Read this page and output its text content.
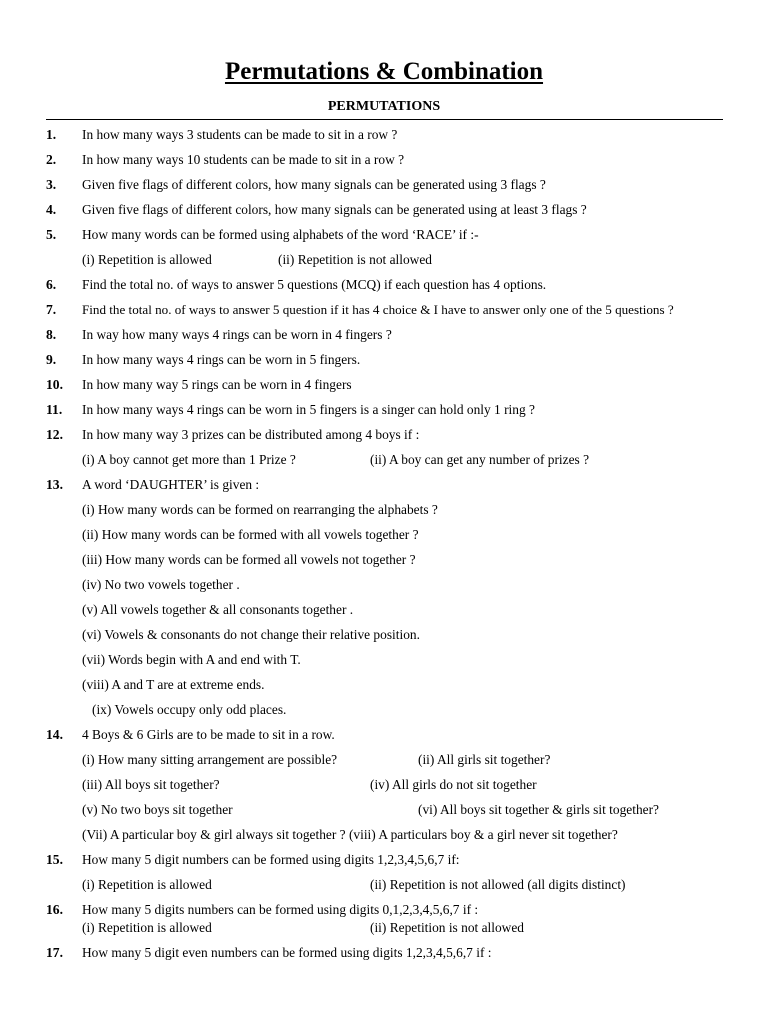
Permutations & Combination
PERMUTATIONS
1. In how many ways 3 students can be made to sit in a row ?
2. In how many ways 10 students can be made to sit in a row ?
3. Given five flags of different colors, how many signals can be generated using 3 flags ?
4. Given five flags of different colors, how many signals can be generated using at least 3 flags ?
5. How many words can be formed using alphabets of the word ‘RACE’ if :-
(i) Repetition is allowed	(ii) Repetition is not allowed
6. Find the total no. of ways to answer 5 questions (MCQ) if each question has 4 options.
7. Find the total no. of ways to answer 5 question if it has 4 choice & I have to answer only one of the 5 questions ?
8. In way how many ways 4 rings can be worn in 4 fingers ?
9. In how many ways 4 rings can be worn in 5 fingers.
10. In how many way 5 rings can be worn in 4 fingers
11. In how many ways 4 rings can be worn in 5 fingers is a singer can hold only 1 ring ?
12. In how many way 3 prizes can be distributed among 4 boys if :
(i) A boy cannot get more than 1 Prize ?	(ii) A boy can get any number of prizes ?
13. A word ‘DAUGHTER’ is given :
(i) How many words can be formed on rearranging the alphabets ?
(ii) How many words can be formed with all vowels together ?
(iii) How many words can be formed all vowels not together ?
(iv) No two vowels together .
(v) All vowels together & all consonants together .
(vi) Vowels & consonants do not change their relative position.
(vii) Words begin with A and end with T.
(viii) A and T are at extreme ends.
(ix) Vowels occupy only odd places.
14. 4 Boys & 6 Girls are to be made to sit in a row.
(i) How many sitting arrangement are possible?	(ii) All girls sit together?
(iii) All boys sit together?	(iv) All girls do not sit together
(v) No two boys sit together	(vi) All boys sit together & girls sit together?
(Vii) A particular boy & girl always sit together ? (viii) A particulars boy & a girl never sit together?
15. How many 5 digit numbers can be formed using digits 1,2,3,4,5,6,7 if:
(i) Repetition is allowed	(ii) Repetition is not allowed (all digits distinct)
16. How many 5 digits numbers can be formed using digits 0,1,2,3,4,5,6,7 if :
(i) Repetition is allowed	(ii) Repetition is not allowed
17. How many 5 digit even numbers can be formed using digits 1,2,3,4,5,6,7 if :
